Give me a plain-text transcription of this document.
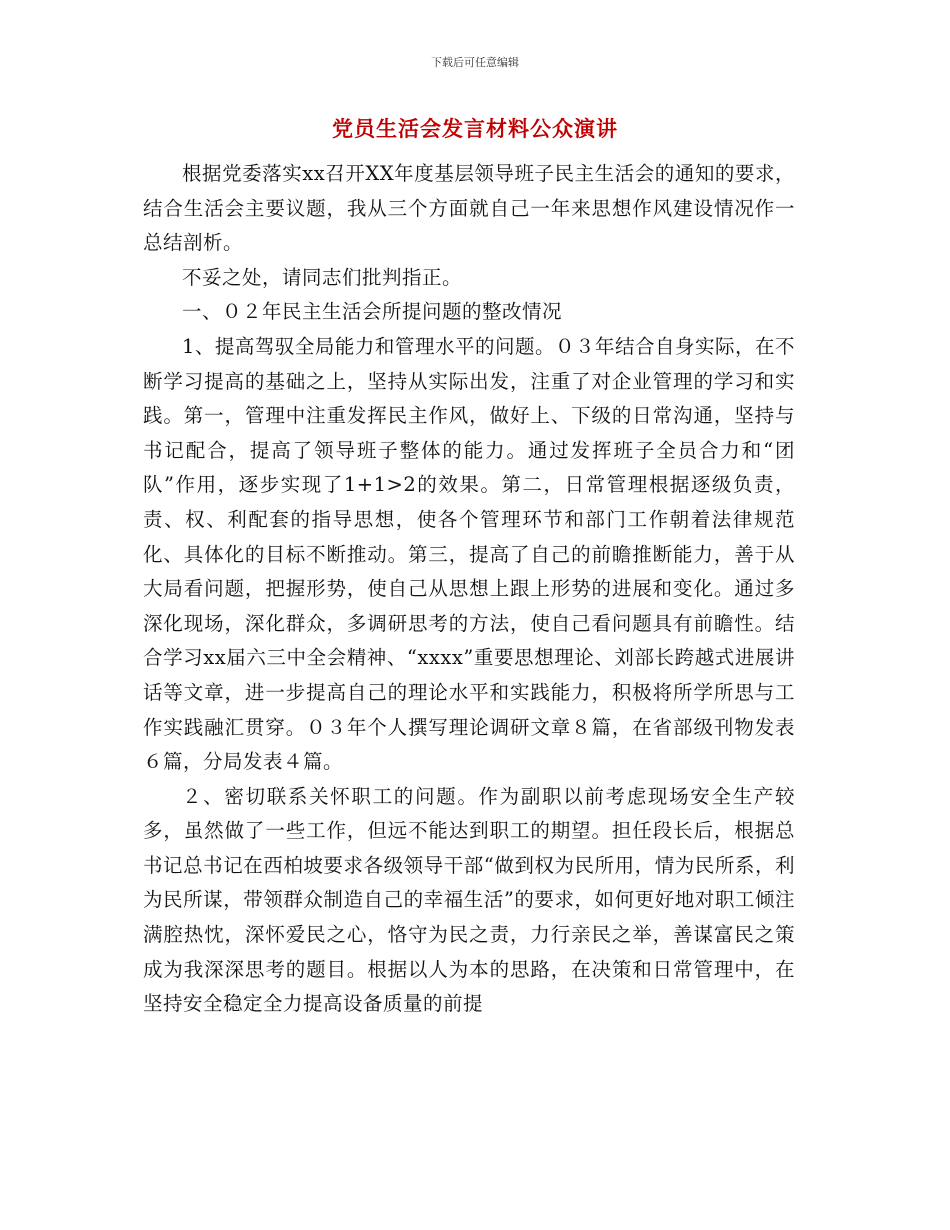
下载后可任意编辑
党员生活会发言材料公众演讲

根据党委落实xx召开XX年度基层领导班子民主生活会的通知的要求，结合生活会主要议题，我从三个方面就自己一年来思想作风建设情况作一总结剖析。

不妥之处，请同志们批判指正。

一、０２年民主生活会所提问题的整改情况

1、提高驾驭全局能力和管理水平的问题。０３年结合自身实际，在不断学习提高的基础之上，坚持从实际出发，注重了对企业管理的学习和实践。第一，管理中注重发挥民主作风，做好上、下级的日常沟通，坚持与书记配合，提高了领导班子整体的能力。通过发挥班子全员合力和“团队”作用，逐步实现了1+1>2的效果。第二，日常管理根据逐级负责，责、权、利配套的指导思想，使各个管理环节和部门工作朝着法律规范化、具体化的目标不断推动。第三，提高了自己的前瞻推断能力，善于从大局看问题，把握形势，使自己从思想上跟上形势的进展和变化。通过多深化现场，深化群众，多调研思考的方法，使自己看问题具有前瞻性。结合学习xx届六三中全会精神、“xxxx”重要思想理论、刘部长跨越式进展讲话等文章，进一步提高自己的理论水平和实践能力，积极将所学所思与工作实践融汇贯穿。０３年个人撰写理论调研文章８篇，在省部级刊物发表６篇，分局发表４篇。

２、密切联系关怀职工的问题。作为副职以前考虑现场安全生产较多，虽然做了一些工作，但远不能达到职工的期望。担任段长后，根据总书记总书记在西柏坡要求各级领导干部“做到权为民所用，情为民所系，利为民所谋，带领群众制造自己的幸福生活”的要求，如何更好地对职工倾注满腔热忱，深怀爱民之心，恪守为民之责，力行亲民之举，善谋富民之策成为我深深思考的题目。根据以人为本的思路，在决策和日常管理中，在坚持安全稳定全力提高设备质量的前提
